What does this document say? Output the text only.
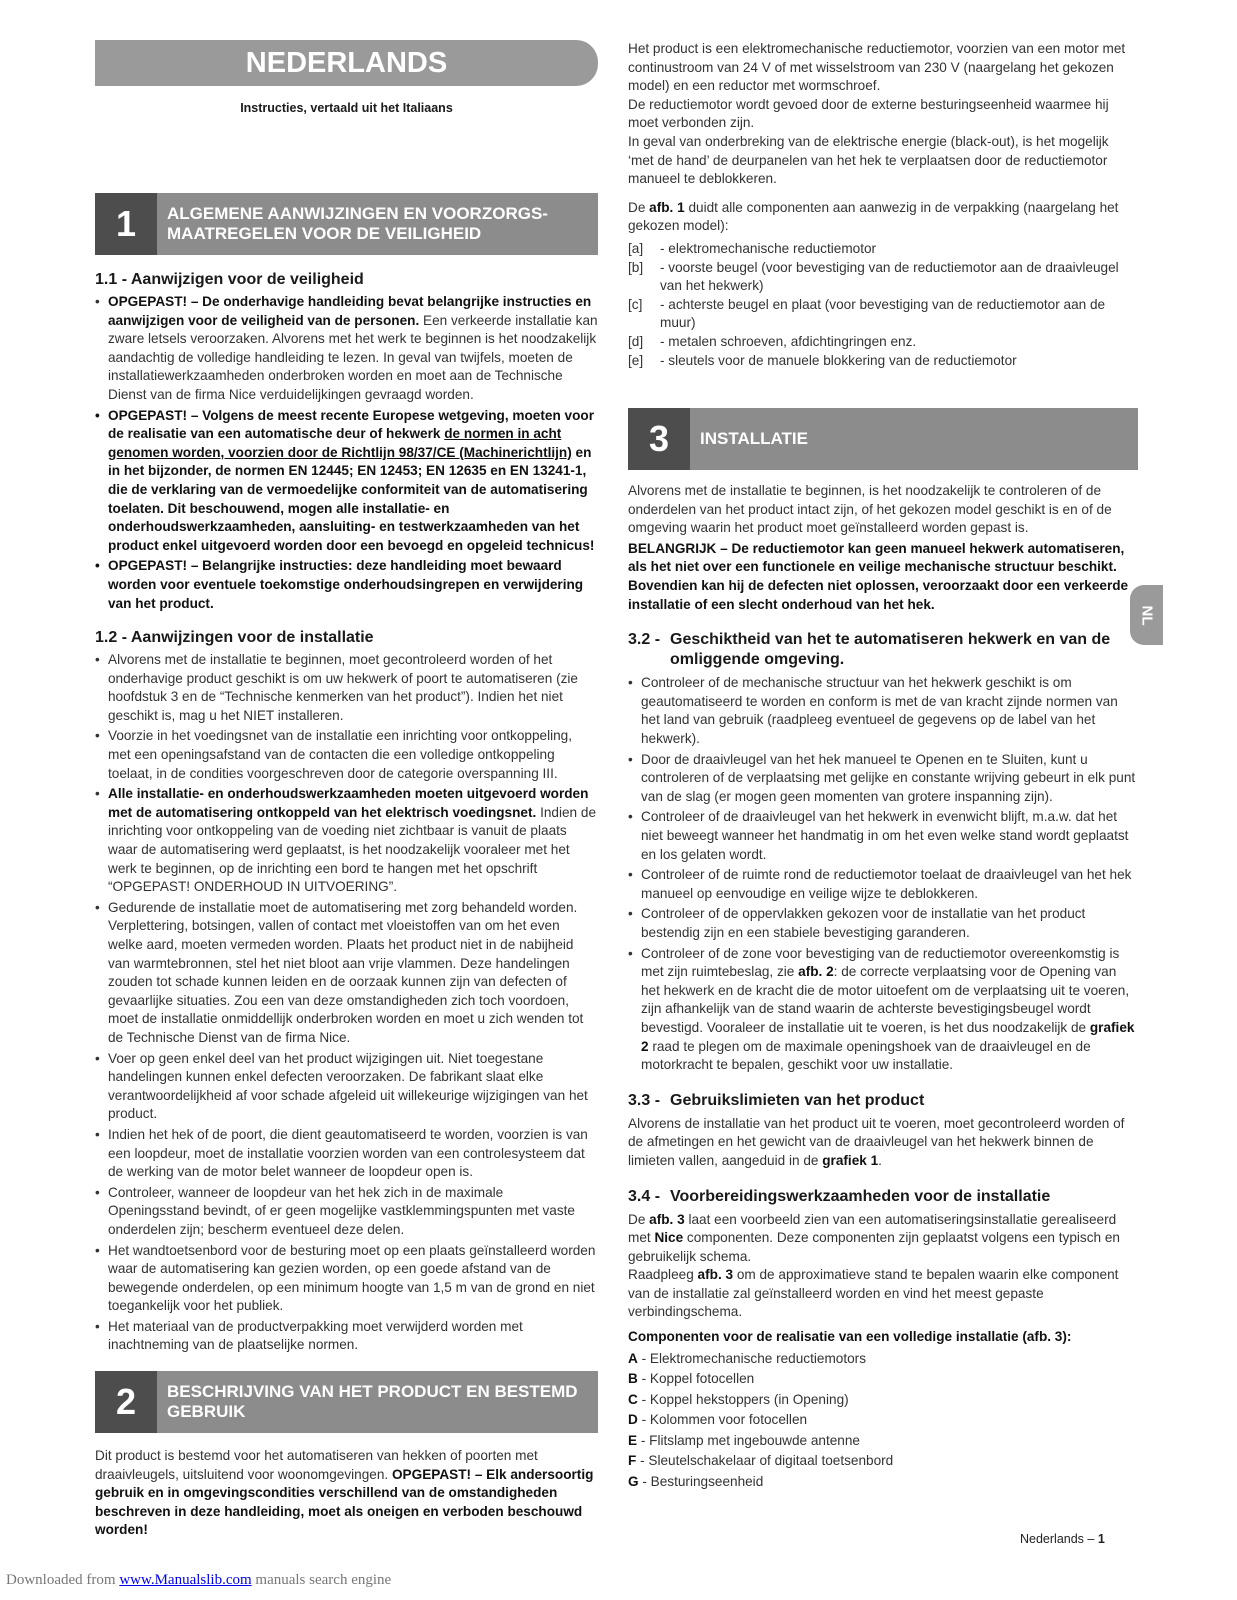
NEDERLANDS
Instructies, vertaald uit het Italiaans
1	ALGEMENE AANWIJZINGEN EN VOORZORGS-MAATREGELEN VOOR DE VEILIGHEID
1.1 - Aanwijzigen voor de veiligheid
• OPGEPAST! – De onderhavige handleiding bevat belangrijke instructies en aanwijzigen voor de veiligheid van de personen. Een verkeerde installatie kan zware letsels veroorzaken. Alvorens met het werk te beginnen is het noodzakelijk aandachtig de volledige handleiding te lezen. In geval van twijfels, moeten de installatiewerkzaamheden onderbroken worden en moet aan de Technische Dienst van de firma Nice verduidelijkingen gevraagd worden.
• OPGEPAST! – Volgens de meest recente Europese wetgeving, moeten voor de realisatie van een automatische deur of hekwerk de normen in acht genomen worden, voorzien door de Richtlijn 98/37/CE (Machinerichtlijn) en in het bijzonder, de normen EN 12445; EN 12453; EN 12635 en EN 13241-1, die de verklaring van de vermoedelijke conformiteit van de automatisering toelaten. Dit beschouwend, mogen alle installatie- en onderhoudswerkzaamheden, aansluiting- en testwerkzaamheden van het product enkel uitgevoerd worden door een bevoegd en opgeleid technicus!
• OPGEPAST! – Belangrijke instructies: deze handleiding moet bewaard worden voor eventuele toekomstige onderhoudsingrepen en verwijdering van het product.
1.2 - Aanwijzingen voor de installatie
• Alvorens met de installatie te beginnen, moet gecontroleerd worden of het onderhavige product geschikt is om uw hekwerk of poort te automatiseren (zie hoofdstuk 3 en de “Technische kenmerken van het product”). Indien het niet geschikt is, mag u het NIET installeren.
• Voorzie in het voedingsnet van de installatie een inrichting voor ontkoppeling, met een openingsafstand van de contacten die een volledige ontkoppeling toelaat, in de condities voorgeschreven door de categorie overspanning III.
• Alle installatie- en onderhoudswerkzaamheden moeten uitgevoerd worden met de automatisering ontkoppeld van het elektrisch voedingsnet. Indien de inrichting voor ontkoppeling van de voeding niet zichtbaar is vanuit de plaats waar de automatisering werd geplaatst, is het noodzakelijk vooraleer met het werk te beginnen, op de inrichting een bord te hangen met het opschrift “OPGEPAST! ONDERHOUD IN UITVOERING”.
• Gedurende de installatie moet de automatisering met zorg behandeld worden. Verplettering, botsingen, vallen of contact met vloeistoffen van om het even welke aard, moeten vermeden worden. Plaats het product niet in de nabijheid van warmtebronnen, stel het niet bloot aan vrije vlammen. Deze handelingen zouden tot schade kunnen leiden en de oorzaak kunnen zijn van defecten of gevaarlijke situaties. Zou een van deze omstandigheden zich toch voordoen, moet de installatie onmiddellijk onderbroken worden en moet u zich wenden tot de Technische Dienst van de firma Nice.
• Voer op geen enkel deel van het product wijzigingen uit. Niet toegestane handelingen kunnen enkel defecten veroorzaken. De fabrikant slaat elke verantwoordelijkheid af voor schade afgeleid uit willekeurige wijzigingen van het product.
• Indien het hek of de poort, die dient geautomatiseerd te worden, voorzien is van een loopdeur, moet de installatie voorzien worden van een controlesysteem dat de werking van de motor belet wanneer de loopdeur open is.
• Controleer, wanneer de loopdeur van het hek zich in de maximale Openingsstand bevindt, of er geen mogelijke vastklemmingspunten met vaste onderdelen zijn; bescherm eventueel deze delen.
• Het wandtoetsenbord voor de besturing moet op een plaats geïnstalleerd worden waar de automatisering kan gezien worden, op een goede afstand van de bewegende onderdelen, op een minimum hoogte van 1,5 m van de grond en niet toegankelijk voor het publiek.
• Het materiaal van de productverpakking moet verwijderd worden met inachtneming van de plaatselijke normen.
2	BESCHRIJVING VAN HET PRODUCT EN BESTEMD GEBRUIK

Dit product is bestemd voor het automatiseren van hekken of poorten met draaivleugels, uitsluitend voor woonomgevingen. OPGEPAST! – Elk andersoortig gebruik en in omgevingscondities verschillend van de omstandigheden beschreven in deze handleiding, moet als oneigen en verboden beschouwd worden!

Het product is een elektromechanische reductiemotor, voorzien van een motor met continustroom van 24 V of met wisselstroom van 230 V (naargelang het gekozen model) en een reductor met wormschroef.

De reductiemotor wordt gevoed door de externe besturingseenheid waarmee hij moet verbonden zijn.

In geval van onderbreking van de elektrische energie (black-out), is het mogelijk ‘met de hand’ de deurpanelen van het hek te verplaatsen door de reductiemotor manueel te deblokkeren.

De afb. 1 duidt alle componenten aan aanwezig in de verpakking (naargelang het gekozen model):

[a]	- elektromechanische reductiemotor
[b]	- voorste beugel (voor bevestiging van de reductiemotor aan de draaivleugel van het hekwerk)
[c]	- achterste beugel en plaat (voor bevestiging van de reductiemotor aan de muur)
[d]	- metalen schroeven, afdichtingringen enz.
[e]	- sleutels voor de manuele blokkering van de reductiemotor
3	INSTALLATIE

Alvorens met de installatie te beginnen, is het noodzakelijk te controleren of de onderdelen van het product intact zijn, of het gekozen model geschikt is en of de omgeving waarin het product moet geïnstalleerd worden gepast is.

BELANGRIJK – De reductiemotor kan geen manueel hekwerk automatiseren, als het niet over een functionele en veilige mechanische structuur beschikt. Bovendien kan hij de defecten niet oplossen, veroorzaakt door een verkeerde installatie of een slecht onderhoud van het hek.

3.2 - Geschiktheid van het te automatiseren hekwerk en van de omliggende omgeving.
• Controleer of de mechanische structuur van het hekwerk geschikt is om geautomatiseerd te worden en conform is met de van kracht zijnde normen van het land van gebruik (raadpleeg eventueel de gegevens op de label van het hekwerk).
• Door de draaivleugel van het hek manueel te Openen en te Sluiten, kunt u controleren of de verplaatsing met gelijke en constante wrijving gebeurt in elk punt van de slag (er mogen geen momenten van grotere inspanning zijn).
• Controleer of de draaivleugel van het hekwerk in evenwicht blijft, m.a.w. dat het niet beweegt wanneer het handmatig in om het even welke stand wordt geplaatst en los gelaten wordt.
• Controleer of de ruimte rond de reductiemotor toelaat de draaivleugel van het hek manueel op eenvoudige en veilige wijze te deblokkeren.
• Controleer of de oppervlakken gekozen voor de installatie van het product bestendig zijn en een stabiele bevestiging garanderen.
• Controleer of de zone voor bevestiging van de reductiemotor overeenkomstig is met zijn ruimtebeslag, zie afb. 2: de correcte verplaatsing voor de Opening van het hekwerk en de kracht die de motor uitoefent om de verplaatsing uit te voeren, zijn afhankelijk van de stand waarin de achterste bevestigingsbeugel wordt bevestigd. Vooraleer de installatie uit te voeren, is het dus noodzakelijk de grafiek 2 raad te plegen om de maximale openingshoek van de draaivleugel en de motorkracht te bepalen, geschikt voor uw installatie.
3.3 - Gebruikslimieten van het product

Alvorens de installatie van het product uit te voeren, moet gecontroleerd worden of de afmetingen en het gewicht van de draaivleugel van het hekwerk binnen de limieten vallen, aangeduid in de grafiek 1.

3.4 - Voorbereidingswerkzaamheden voor de installatie

De afb. 3 laat een voorbeeld zien van een automatiseringsinstallatie gerealiseerd met Nice componenten. Deze componenten zijn geplaatst volgens een typisch en gebruikelijk schema.

Raadpleeg afb. 3 om de approximatieve stand te bepalen waarin elke component van de installatie zal geïnstalleerd worden en vind het meest gepaste verbindingschema.

Componenten voor de realisatie van een volledige installatie (afb. 3):

A - Elektromechanische reductiemotors
B - Koppel fotocellen
C - Koppel hekstoppers (in Opening)
D - Kolommen voor fotocellen
E - Flitslamp met ingebouwde antenne
F - Sleutelschakelaar of digitaal toetsenbord
G - Besturingseenheid
NL
Nederlands – 1
Downloaded from www.Manualslib.com manuals search engine
